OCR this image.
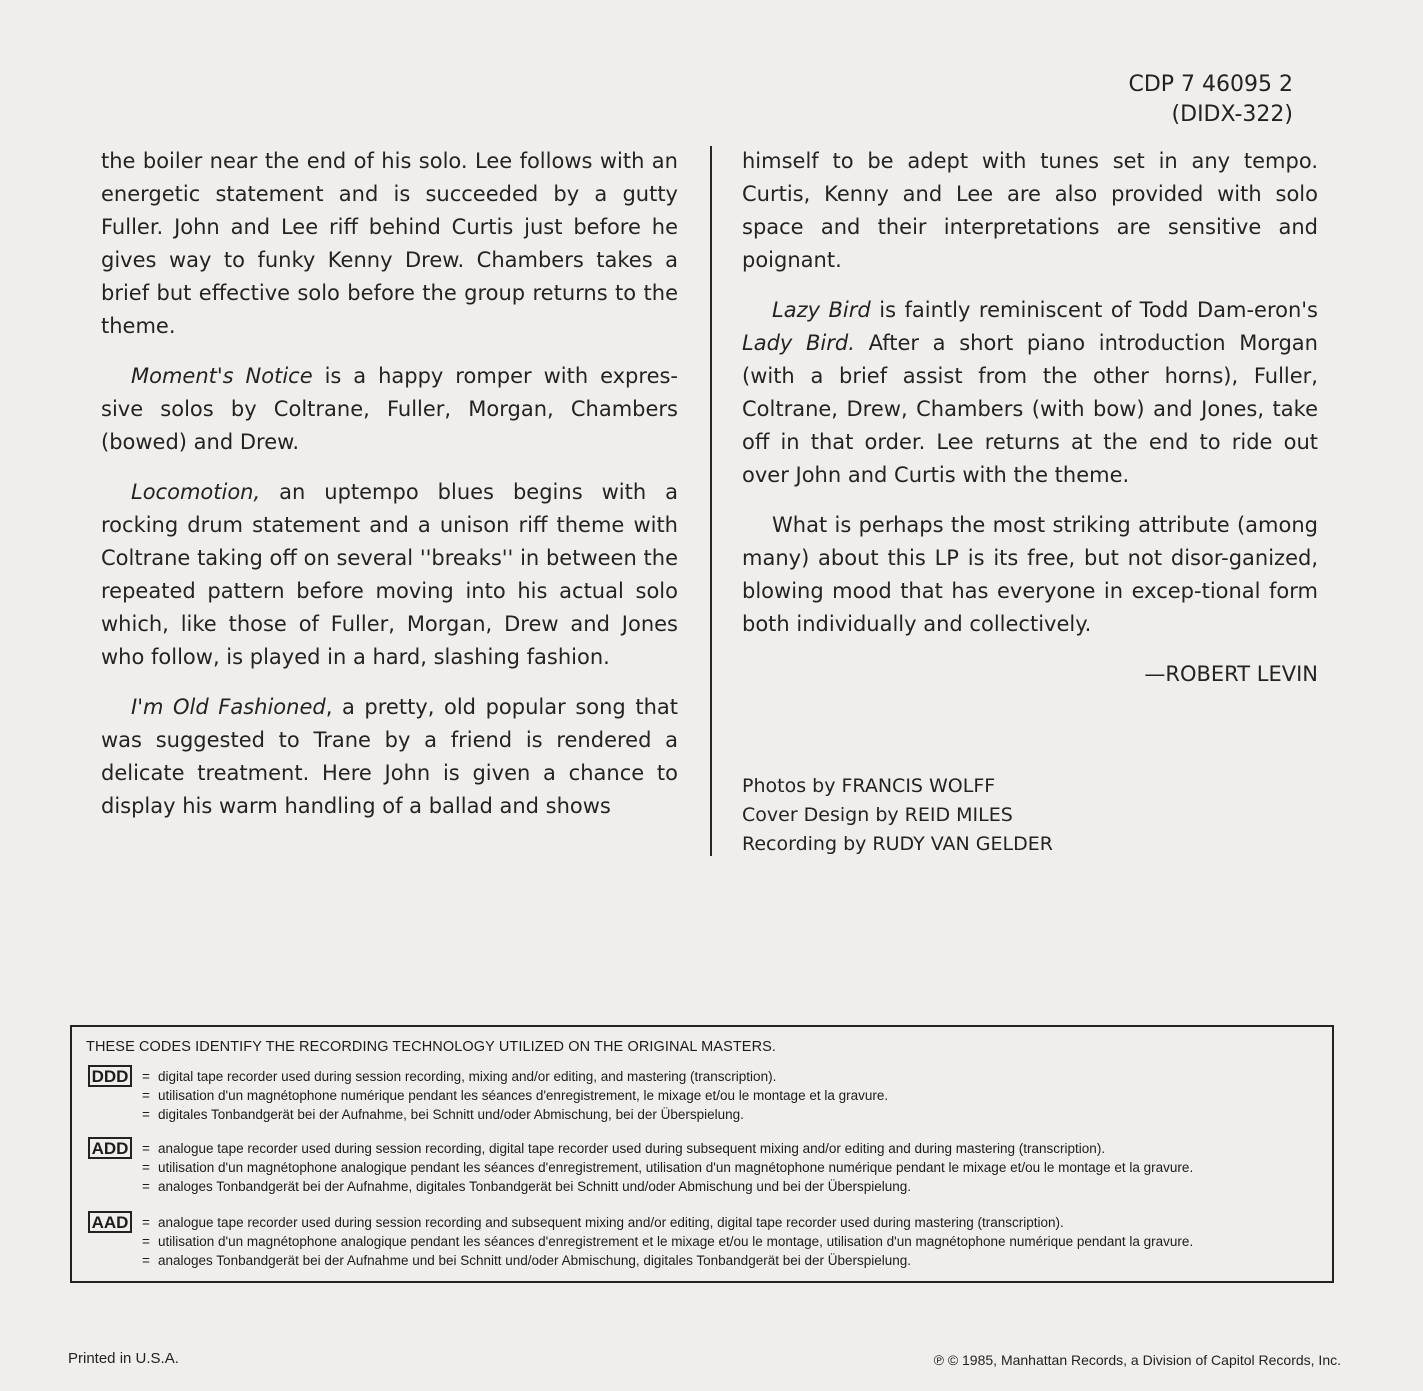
CDP 7 46095 2
(DIDX-322)

the boiler near the end of his solo. Lee follows with an energetic statement and is succeeded by a gutty Fuller. John and Lee riff behind Curtis just before he gives way to funky Kenny Drew. Chambers takes a brief but effective solo before the group returns to the theme.

Moment's Notice is a happy romper with expres-sive solos by Coltrane, Fuller, Morgan, Chambers (bowed) and Drew.

Locomotion, an uptempo blues begins with a rocking drum statement and a unison riff theme with Coltrane taking off on several ''breaks'' in between the repeated pattern before moving into his actual solo which, like those of Fuller, Morgan, Drew and Jones who follow, is played in a hard, slashing fashion.

I'm Old Fashioned, a pretty, old popular song that was suggested to Trane by a friend is rendered a delicate treatment. Here John is given a chance to display his warm handling of a ballad and shows

himself to be adept with tunes set in any tempo. Curtis, Kenny and Lee are also provided with solo space and their interpretations are sensitive and poignant.

Lazy Bird is faintly reminiscent of Todd Dam-eron's Lady Bird. After a short piano introduction Morgan (with a brief assist from the other horns), Fuller, Coltrane, Drew, Chambers (with bow) and Jones, take off in that order. Lee returns at the end to ride out over John and Curtis with the theme.

What is perhaps the most striking attribute (among many) about this LP is its free, but not disor-ganized, blowing mood that has everyone in excep-tional form both individually and collectively.

—ROBERT LEVIN

Photos by FRANCIS WOLFF
Cover Design by REID MILES
Recording by RUDY VAN GELDER
THESE CODES IDENTIFY THE RECORDING TECHNOLOGY UTILIZED ON THE ORIGINAL MASTERS.
DDD = digital tape recorder used during session recording, mixing and/or editing, and mastering (transcription).
= utilisation d'un magnétophone numérique pendant les séances d'enregistrement, le mixage et/ou le montage et la gravure.
= digitales Tonbandgerät bei der Aufnahme, bei Schnitt und/oder Abmischung, bei der Überspielung.
ADD = analogue tape recorder used during session recording, digital tape recorder used during subsequent mixing and/or editing and during mastering (transcription).
= utilisation d'un magnétophone analogique pendant les séances d'enregistrement, utilisation d'un magnétophone numérique pendant le mixage et/ou le montage et la gravure.
= analoges Tonbandgerät bei der Aufnahme, digitales Tonbandgerät bei Schnitt und/oder Abmischung und bei der Überspielung.
AAD = analogue tape recorder used during session recording and subsequent mixing and/or editing, digital tape recorder used during mastering (transcription).
= utilisation d'un magnétophone analogique pendant les séances d'enregistrement et le mixage et/ou le montage, utilisation d'un magnétophone numérique pendant la gravure.
= analoges Tonbandgerät bei der Aufnahme und bei Schnitt und/oder Abmischung, digitales Tonbandgerät bei der Überspielung.
Printed in U.S.A.	℗ © 1985, Manhattan Records, a Division of Capitol Records, Inc.
